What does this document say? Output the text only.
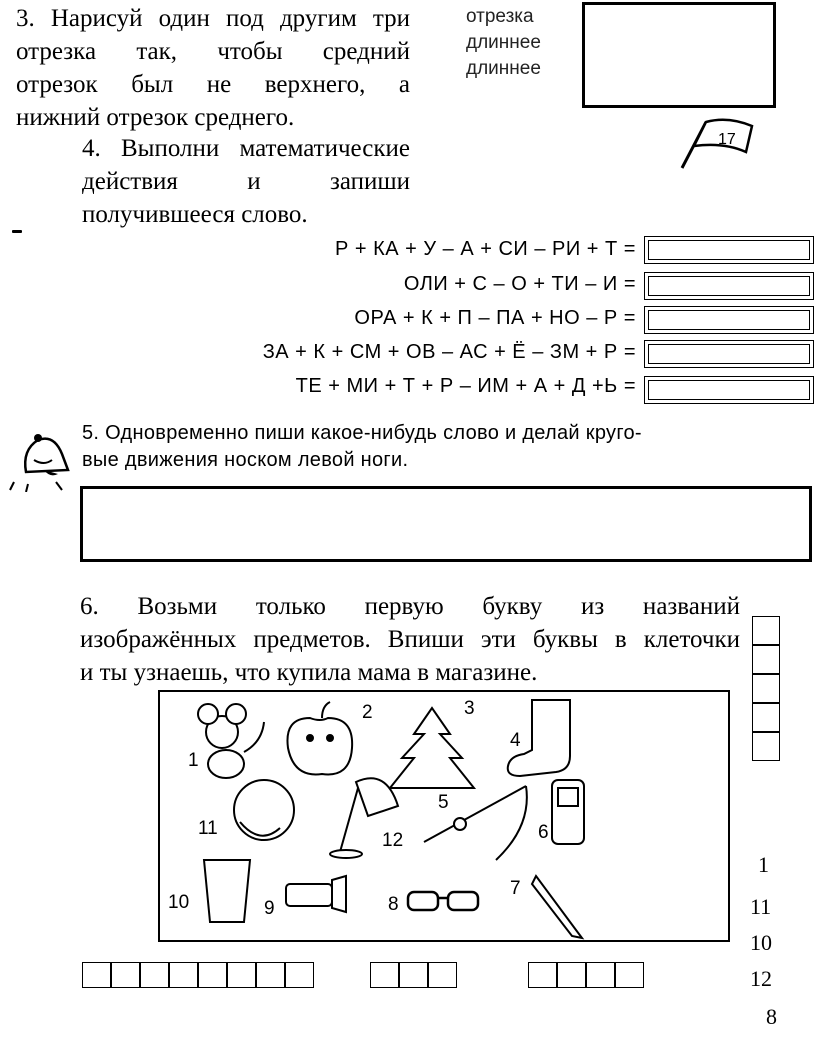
3. Нарисуй один под другим три
отрезка так, чтобы средний
отрезок был не верхнего, а
нижний отрезок среднего.
отрезка
длиннее
длиннее
17
4. Выполни математические
действия и запиши
получившееся слово.
Р + КА + У – А + СИ – РИ + Т =
ОЛИ + С – О + ТИ – И =
ОРА + К + П – ПА + НО – Р =
ЗА + К + СМ + ОВ – АС + Ё – ЗМ + Р =
ТЕ + МИ + Т + Р – ИМ + А + Д +Ь =
5. Одновременно пиши какое-нибудь слово и делай круго-
вые движения носком левой ноги.
6. Возьми только первую букву из названий
изображённых предметов. Впиши эти буквы в клеточки
и ты узнаешь, что купила мама в магазине.
1
2	3
4
5
6
7
8
9
10
11
12
1
11
10
12
8
